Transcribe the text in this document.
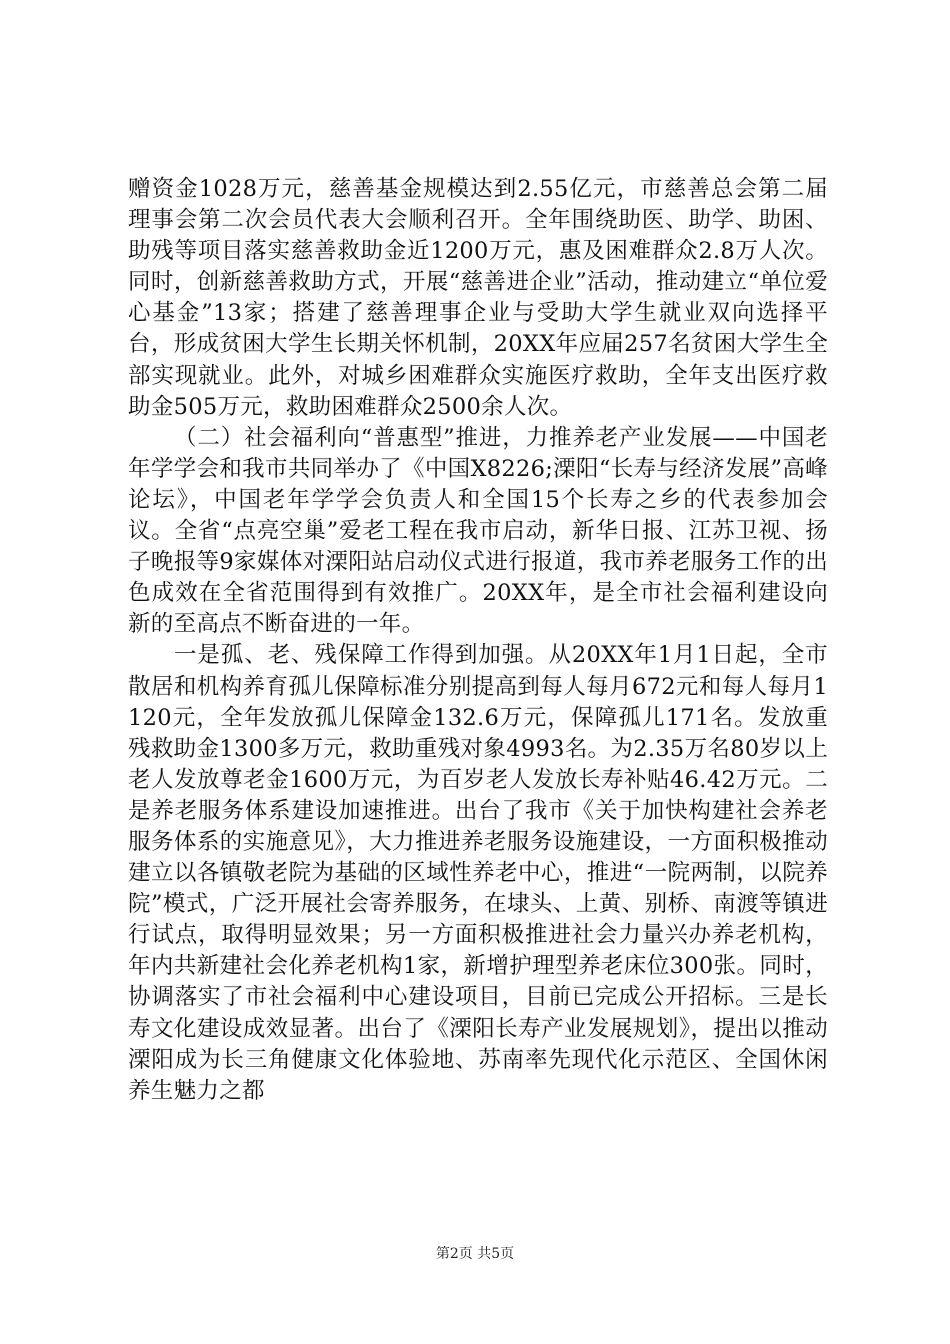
赠资金1028万元，慈善基金规模达到2.55亿元，市慈善总会第二届理事会第二次会员代表大会顺利召开。全年围绕助医、助学、助困、助残等项目落实慈善救助金近1200万元，惠及困难群众2.8万人次。同时，创新慈善救助方式，开展“慈善进企业”活动，推动建立“单位爱心基金”13家；搭建了慈善理事企业与受助大学生就业双向选择平台，形成贫困大学生长期关怀机制，20XX年应届257名贫困大学生全部实现就业。此外，对城乡困难群众实施医疗救助，全年支出医疗救助金505万元，救助困难群众2500余人次。

（二）社会福利向“普惠型”推进，力推养老产业发展——中国老年学学会和我市共同举办了《中国X8226;溧阳“长寿与经济发展”高峰论坛》，中国老年学学会负责人和全国15个长寿之乡的代表参加会议。全省“点亮空巢”爱老工程在我市启动，新华日报、江苏卫视、扬子晚报等9家媒体对溧阳站启动仪式进行报道，我市养老服务工作的出色成效在全省范围得到有效推广。20XX年，是全市社会福利建设向新的至高点不断奋进的一年。

一是孤、老、残保障工作得到加强。从20XX年1月1日起，全市散居和机构养育孤儿保障标准分别提高到每人每月672元和每人每月1120元，全年发放孤儿保障金132.6万元，保障孤儿171名。发放重残救助金1300多万元，救助重残对象4993名。为2.35万名80岁以上老人发放尊老金1600万元，为百岁老人发放长寿补贴46.42万元。二是养老服务体系建设加速推进。出台了我市《关于加快构建社会养老服务体系的实施意见》，大力推进养老服务设施建设，一方面积极推动建立以各镇敬老院为基础的区域性养老中心，推进“一院两制，以院养院”模式，广泛开展社会寄养服务，在埭头、上黄、别桥、南渡等镇进行试点，取得明显效果；另一方面积极推进社会力量兴办养老机构，年内共新建社会化养老机构1家，新增护理型养老床位300张。同时，协调落实了市社会福利中心建设项目，目前已完成公开招标。三是长寿文化建设成效显著。出台了《溧阳长寿产业发展规划》，提出以推动溧阳成为长三角健康文化体验地、苏南率先现代化示范区、全国休闲养生魅力之都

第2页 共5页
